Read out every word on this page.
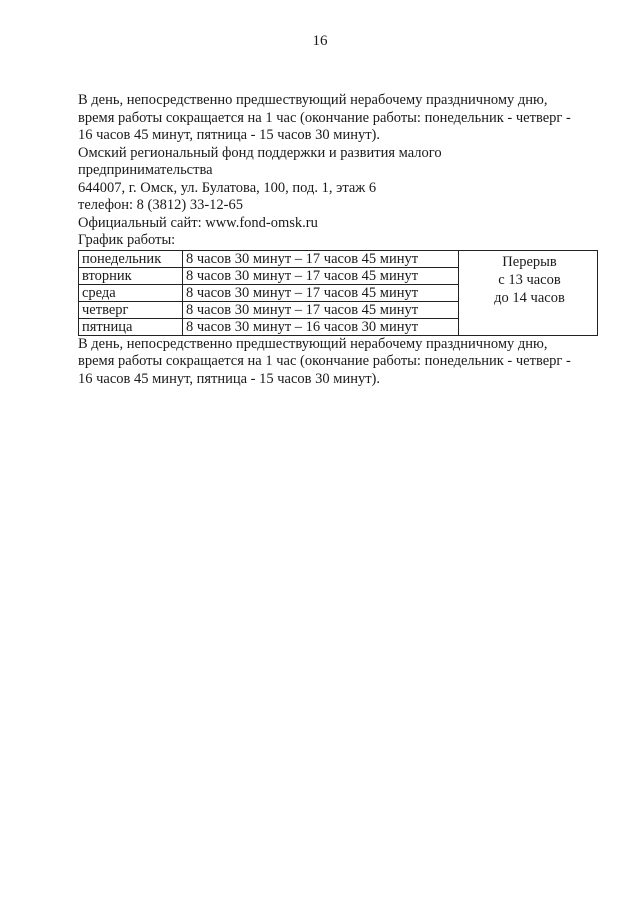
16
В день, непосредственно предшествующий нерабочему праздничному дню,
время работы сокращается на 1 час (окончание работы: понедельник - четверг -
16 часов 45 минут, пятница - 15 часов 30 минут).
Омский региональный фонд поддержки и развития малого
предпринимательства
644007, г. Омск, ул. Булатова, 100, под. 1, этаж 6
телефон: 8 (3812) 33-12-65
Официальный сайт: www.fond-omsk.ru
График работы:
понедельник	8 часов 30 минут – 17 часов 45 минут	Перерыв
с 13 часов
до 14 часов

вторник	8 часов 30 минут – 17 часов 45 минут	
среда	8 часов 30 минут – 17 часов 45 минут	
четверг	8 часов 30 минут – 17 часов 45 минут	
пятница	8 часов 30 минут – 16 часов 30 минут	
В день, непосредственно предшествующий нерабочему праздничному дню,
время работы сокращается на 1 час (окончание работы: понедельник - четверг -
16 часов 45 минут, пятница - 15 часов 30 минут).
